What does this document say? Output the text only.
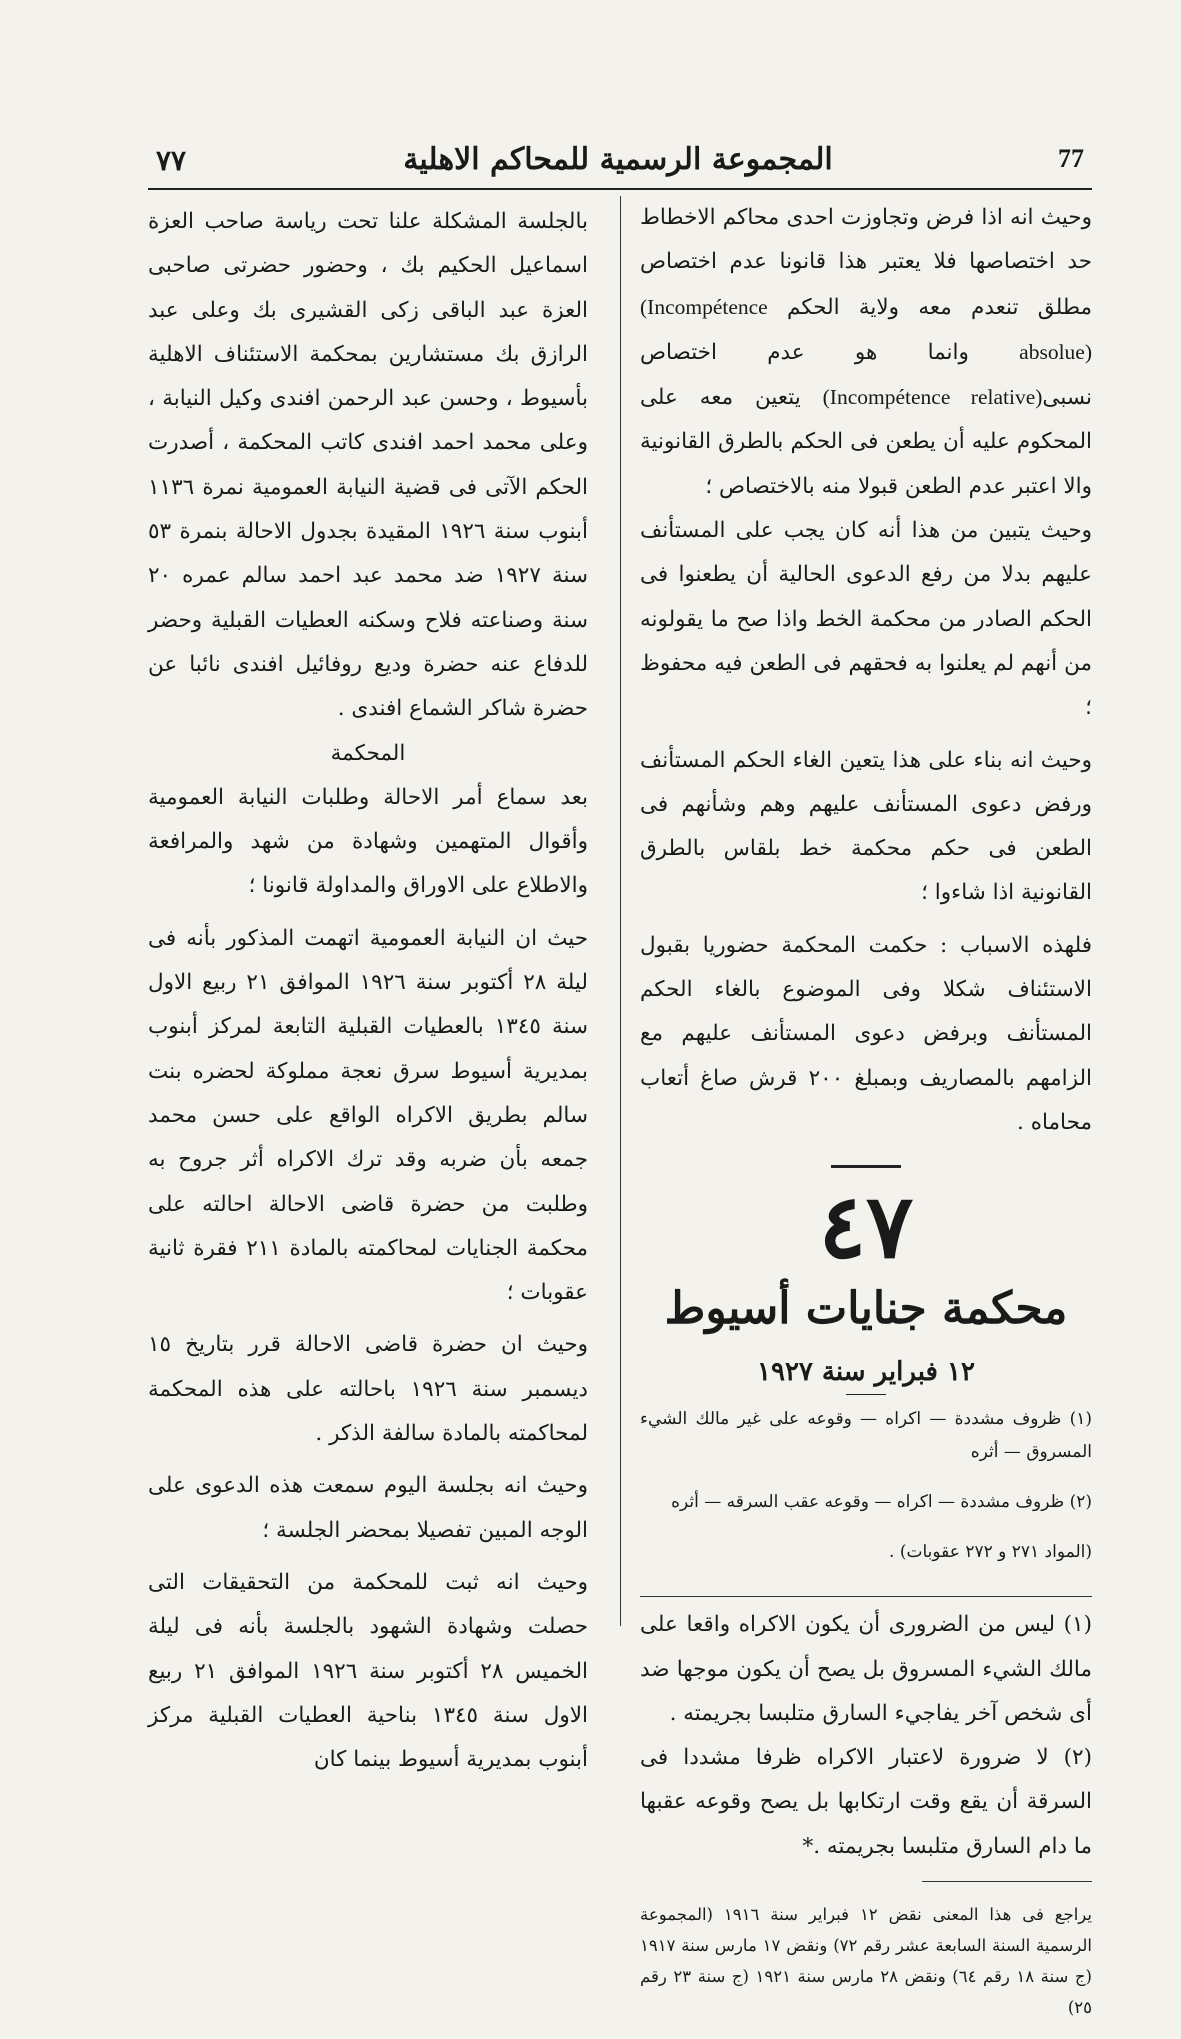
٧٧	المجموعة الرسمية للمحاكم الاهلية	77

بالجلسة المشكلة علنا تحت رياسة صاحب العزة اسماعيل الحكيم بك ، وحضور حضرتى صاحبى العزة عبد الباقى زكى القشيرى بك وعلى عبد الرازق بك مستشارين بمحكمة الاستئناف الاهلية بأسيوط ، وحسن عبد الرحمن افندى وكيل النيابة ، وعلى محمد احمد افندى كاتب المحكمة ، أصدرت الحكم الآتى فى قضية النيابة العمومية نمرة ١١٣٦ أبنوب سنة ١٩٢٦ المقيدة بجدول الاحالة بنمرة ٥٣ سنة ١٩٢٧ ضد محمد عبد احمد سالم عمره ٢٠ سنة وصناعته فلاح وسكنه العطيات القبلية وحضر للدفاع عنه حضرة وديع روفائيل افندى نائبا عن حضرة شاكر الشماع افندى .

المحكمة

بعد سماع أمر الاحالة وطلبات النيابة العمومية وأقوال المتهمين وشهادة من شهد والمرافعة والاطلاع على الاوراق والمداولة قانونا ؛

حيث ان النيابة العمومية اتهمت المذكور بأنه فى ليلة ٢٨ أكتوبر سنة ١٩٢٦ الموافق ٢١ ربيع الاول سنة ١٣٤٥ بالعطيات القبلية التابعة لمركز أبنوب بمديرية أسيوط سرق نعجة مملوكة لحضره بنت سالم بطريق الاكراه الواقع على حسن محمد جمعه بأن ضربه وقد ترك الاكراه أثر جروح به وطلبت من حضرة قاضى الاحالة احالته على محكمة الجنايات لمحاكمته بالمادة ٢١١ فقرة ثانية عقوبات ؛

وحيث ان حضرة قاضى الاحالة قرر بتاريخ ١٥ ديسمبر سنة ١٩٢٦ باحالته على هذه المحكمة لمحاكمته بالمادة سالفة الذكر .

وحيث انه بجلسة اليوم سمعت هذه الدعوى على الوجه المبين تفصيلا بمحضر الجلسة ؛

وحيث انه ثبت للمحكمة من التحقيقات التى حصلت وشهادة الشهود بالجلسة بأنه فى ليلة الخميس ٢٨ أكتوبر سنة ١٩٢٦ الموافق ٢١ ربيع الاول سنة ١٣٤٥ بناحية العطيات القبلية مركز أبنوب بمديرية أسيوط بينما كان

وحيث انه اذا فرض وتجاوزت احدى محاكم الاخطاط حد اختصاصها فلا يعتبر هذا قانونا عدم اختصاص مطلق تنعدم معه ولاية الحكم (Incompétence absolue) وانما هو عدم اختصاص نسبى(Incompétence relative) يتعين معه على المحكوم عليه أن يطعن فى الحكم بالطرق القانونية والا اعتبر عدم الطعن قبولا منه بالاختصاص ؛

وحيث يتبين من هذا أنه كان يجب على المستأنف عليهم بدلا من رفع الدعوى الحالية أن يطعنوا فى الحكم الصادر من محكمة الخط واذا صح ما يقولونه من أنهم لم يعلنوا به فحقهم فى الطعن فيه محفوظ ؛

وحيث انه بناء على هذا يتعين الغاء الحكم المستأنف ورفض دعوى المستأنف عليهم وهم وشأنهم فى الطعن فى حكم محكمة خط بلقاس بالطرق القانونية اذا شاءوا ؛

فلهذه الاسباب : حكمت المحكمة حضوريا بقبول الاستئناف شكلا وفى الموضوع بالغاء الحكم المستأنف وبرفض دعوى المستأنف عليهم مع الزامهم بالمصاريف وبمبلغ ٢٠٠ قرش صاغ أتعاب محاماه .

٤٧
محكمة جنايات أسيوط
١٢ فبراير سنة ١٩٢٧

(١) ظروف مشددة — اكراه — وقوعه على غير مالك الشيء المسروق — أثره

(٢) ظروف مشددة — اكراه — وقوعه عقب السرقه — أثره

(المواد ٢٧١ و ٢٧٢ عقوبات) .

(١) ليس من الضرورى أن يكون الاكراه واقعا على مالك الشيء المسروق بل يصح أن يكون موجها ضد أى شخص آخر يفاجيء السارق متلبسا بجريمته .

(٢) لا ضرورة لاعتبار الاكراه ظرفا مشددا فى السرقة أن يقع وقت ارتكابها بل يصح وقوعه عقبها ما دام السارق متلبسا بجريمته .*

يراجع فى هذا المعنى نقض ١٢ فبراير سنة ١٩١٦ (المجموعة الرسمية السنة السابعة عشر رقم ٧٢) ونقض ١٧ مارس سنة ١٩١٧ (ج سنة ١٨ رقم ٦٤) ونقض ٢٨ مارس سنة ١٩٢١ (ج سنة ٢٣ رقم ٢٥)
